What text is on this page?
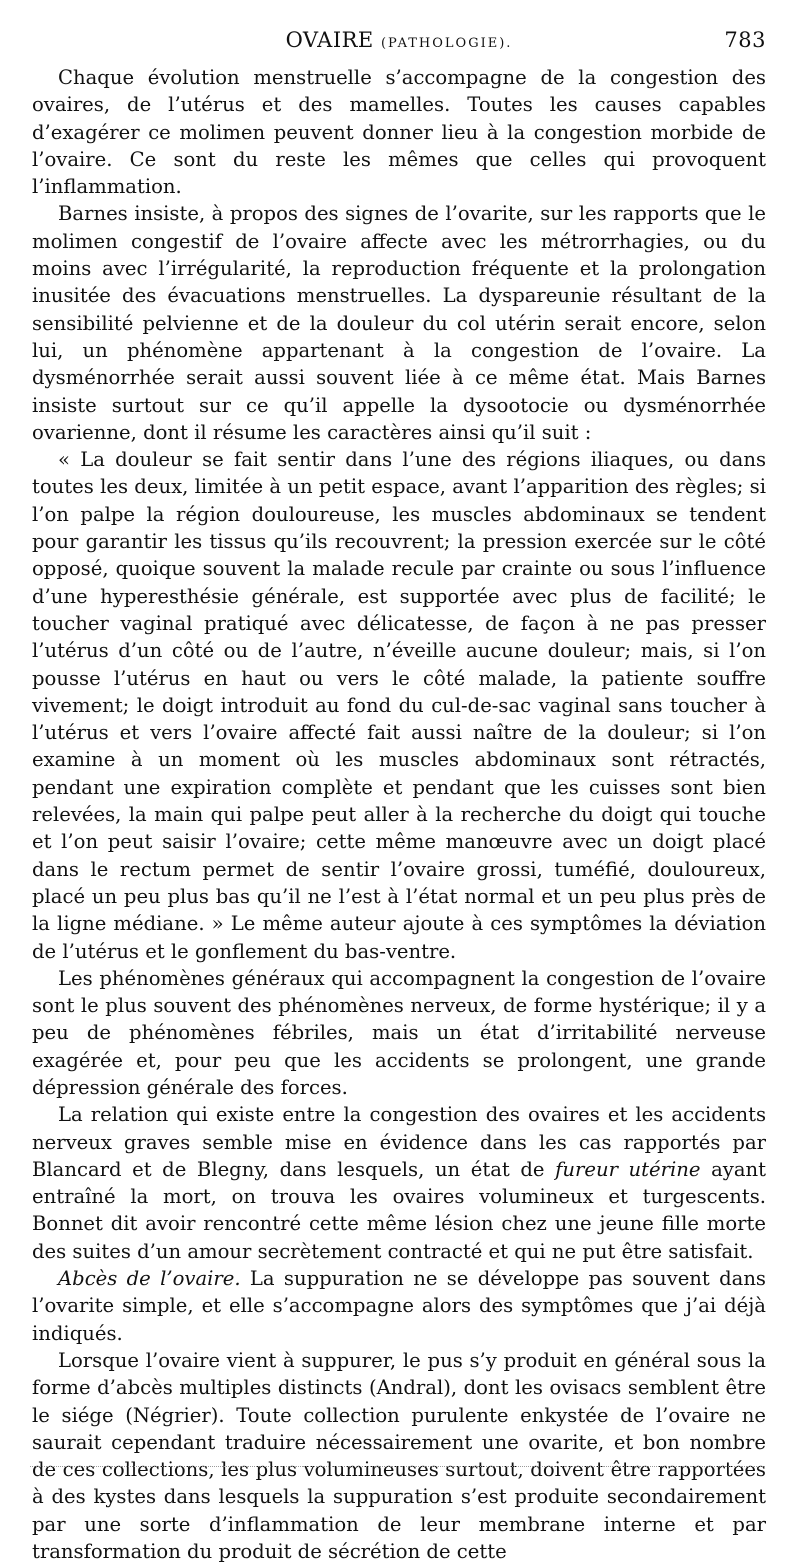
OVAIRE (PATHOLOGIE).	783

Chaque évolution menstruelle s’accompagne de la congestion des ovaires, de l’utérus et des mamelles. Toutes les causes capables d’exagérer ce molimen peuvent donner lieu à la congestion morbide de l’ovaire. Ce sont du reste les mêmes que celles qui provoquent l’inflammation.

Barnes insiste, à propos des signes de l’ovarite, sur les rapports que le molimen congestif de l’ovaire affecte avec les métrorrhagies, ou du moins avec l’irrégularité, la reproduction fréquente et la prolongation inusitée des évacuations menstruelles. La dyspareunie résultant de la sensibilité pelvienne et de la douleur du col utérin serait encore, selon lui, un phénomène appartenant à la congestion de l’ovaire. La dysménorrhée serait aussi souvent liée à ce même état. Mais Barnes insiste surtout sur ce qu’il appelle la dysootocie ou dysménorrhée ovarienne, dont il résume les caractères ainsi qu’il suit :

« La douleur se fait sentir dans l’une des régions iliaques, ou dans toutes les deux, limitée à un petit espace, avant l’apparition des règles; si l’on palpe la région douloureuse, les muscles abdominaux se tendent pour garantir les tissus qu’ils recouvrent; la pression exercée sur le côté opposé, quoique souvent la malade recule par crainte ou sous l’influence d’une hyperesthésie générale, est supportée avec plus de facilité; le toucher vaginal pratiqué avec délicatesse, de façon à ne pas presser l’utérus d’un côté ou de l’autre, n’éveille aucune douleur; mais, si l’on pousse l’utérus en haut ou vers le côté malade, la patiente souffre vivement; le doigt introduit au fond du cul-de-sac vaginal sans toucher à l’utérus et vers l’ovaire affecté fait aussi naître de la douleur; si l’on examine à un moment où les muscles abdominaux sont rétractés, pendant une expiration complète et pendant que les cuisses sont bien relevées, la main qui palpe peut aller à la recherche du doigt qui touche et l’on peut saisir l’ovaire; cette même manœuvre avec un doigt placé dans le rectum permet de sentir l’ovaire grossi, tuméfié, douloureux, placé un peu plus bas qu’il ne l’est à l’état normal et un peu plus près de la ligne médiane. » Le même auteur ajoute à ces symptômes la déviation de l’utérus et le gonflement du bas-ventre.

Les phénomènes généraux qui accompagnent la congestion de l’ovaire sont le plus souvent des phénomènes nerveux, de forme hystérique; il y a peu de phénomènes fébriles, mais un état d’irritabilité nerveuse exagérée et, pour peu que les accidents se prolongent, une grande dépression générale des forces.

La relation qui existe entre la congestion des ovaires et les accidents nerveux graves semble mise en évidence dans les cas rapportés par Blancard et de Blegny, dans lesquels, un état de fureur utérine ayant entraîné la mort, on trouva les ovaires volumineux et turgescents. Bonnet dit avoir rencontré cette même lésion chez une jeune fille morte des suites d’un amour secrètement contracté et qui ne put être satisfait.

Abcès de l’ovaire. La suppuration ne se développe pas souvent dans l’ovarite simple, et elle s’accompagne alors des symptômes que j’ai déjà indiqués.

Lorsque l’ovaire vient à suppurer, le pus s’y produit en général sous la forme d’abcès multiples distincts (Andral), dont les ovisacs semblent être le siége (Négrier). Toute collection purulente enkystée de l’ovaire ne saurait cependant traduire nécessairement une ovarite, et bon nombre de ces collections, les plus volumineuses surtout, doivent être rapportées à des kystes dans lesquels la suppuration s’est produite secondairement par une sorte d’inflammation de leur membrane interne et par transformation du produit de sécrétion de cette
